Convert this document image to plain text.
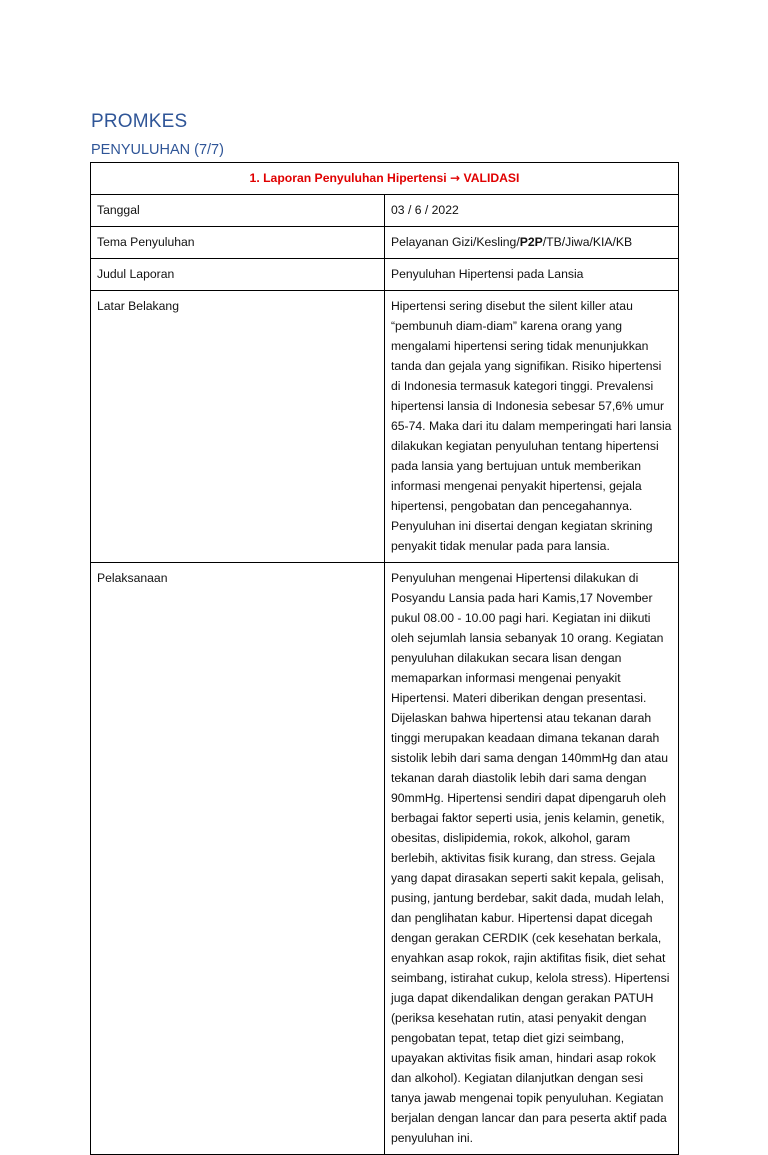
PROMKES
PENYULUHAN (7/7)
1. Laporan Penyuluhan Hipertensi → VALIDASI	
Tanggal	03 / 6 / 2022
Tema Penyuluhan	Pelayanan Gizi/Kesling/P2P/TB/Jiwa/KIA/KB
Judul Laporan	Penyuluhan Hipertensi pada Lansia
Latar Belakang	Hipertensi sering disebut the silent killer atau “pembunuh diam-diam” karena orang yang mengalami hipertensi sering tidak menunjukkan tanda dan gejala yang signifikan. Risiko hipertensi di Indonesia termasuk kategori tinggi. Prevalensi hipertensi lansia di Indonesia sebesar 57,6% umur 65-74. Maka dari itu dalam memperingati hari lansia dilakukan kegiatan penyuluhan tentang hipertensi pada lansia yang bertujuan untuk memberikan informasi mengenai penyakit hipertensi, gejala hipertensi, pengobatan dan pencegahannya. Penyuluhan ini disertai dengan kegiatan skrining penyakit tidak menular pada para lansia.
Pelaksanaan	Penyuluhan mengenai Hipertensi dilakukan di Posyandu Lansia pada hari Kamis,17 November pukul 08.00 - 10.00 pagi hari. Kegiatan ini diikuti oleh sejumlah lansia sebanyak 10 orang. Kegiatan penyuluhan dilakukan secara lisan dengan memaparkan informasi mengenai penyakit Hipertensi. Materi diberikan dengan presentasi. Dijelaskan bahwa hipertensi atau tekanan darah tinggi merupakan keadaan dimana tekanan darah sistolik lebih dari sama dengan 140mmHg dan atau tekanan darah diastolik lebih dari sama dengan 90mmHg. Hipertensi sendiri dapat dipengaruh oleh berbagai faktor seperti usia, jenis kelamin, genetik, obesitas, dislipidemia, rokok, alkohol, garam berlebih, aktivitas fisik kurang, dan stress. Gejala yang dapat dirasakan seperti sakit kepala, gelisah, pusing, jantung berdebar, sakit dada, mudah lelah, dan penglihatan kabur. Hipertensi dapat dicegah dengan gerakan CERDIK (cek kesehatan berkala, enyahkan asap rokok, rajin aktifitas fisik, diet sehat seimbang, istirahat cukup, kelola stress). Hipertensi juga dapat dikendalikan dengan gerakan PATUH (periksa kesehatan rutin, atasi penyakit dengan pengobatan tepat, tetap diet gizi seimbang, upayakan aktivitas fisik aman, hindari asap rokok dan alkohol). Kegiatan dilanjutkan dengan sesi tanya jawab mengenai topik penyuluhan. Kegiatan berjalan dengan lancar dan para peserta aktif pada penyuluhan ini.
